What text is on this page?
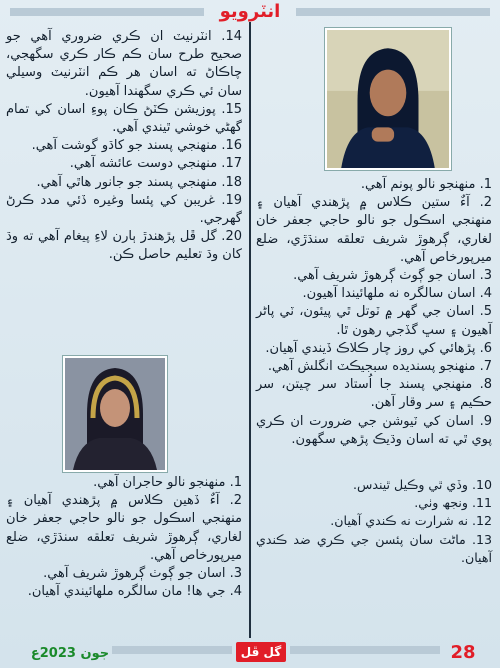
انٽرويو

14. انٽرنيٽ ان ڪري ضروري آهي جو صحيح طرح سان ڪم ڪار ڪري سگهجي، چاڪاڻ ته اسان هر ڪم انٽرنيٽ وسيلي سان ئي ڪري سگهندا آهيون.

15. پوزيشن ڪٽڻ ڪان پوءِ اسان کي تمام گهڻي خوشي ٿيندي آهي.

16. منهنجي پسند جو کاڌو گوشت آهي.

17. منهنجي دوست عائشه آهي.

18. منهنجي پسند جو جانور هاٿي آهي.

19. غريبن کي پئسا وغيره ڏئي مدد ڪرڻ گهرجي.

20. گل ڦل پڙهندڙ ٻارن لاءِ پيغام آهي ته وڌ کان وڌ تعليم حاصل ڪن.

1. منهنجو نالو پونم آهي.

2. آءٌ ستين ڪلاس ۾ پڙهندي آهيان ۽ منهنجي اسڪول جو نالو حاجي جعفر خان لغاري، ڳرهوڙ شريف تعلقه سنڌڙي، ضلع ميرپورخاص آهي.

3. اسان جو ڳوٺ ڳرهوڙ شريف آهي.

4. اسان سالگره نه ملهائيندا آهيون.

5. اسان جي گهر ۾ ٽوتل ٿي پيئون، ٽي پاڻر آهيون ۽ سڀ گڏجي رهون ٿا.

6. پڙهائي کي روز چار ڪلاڪ ڏيندي آهيان.

7. منهنجو پسنديده سبجيڪٽ انگلش آهي.

8. منهنجي پسند جا اُستاد سر چيتن، سر حڪيم ۽ سر وقار آهن.

9. اسان کي ٽيوشن جي ضرورت ان ڪري پوي ٿي ته اسان وڌيڪ پڙهي سگهون.

1. منهنجو نالو حاجران آهي.

2. آءٌ ڏهين ڪلاس ۾ پڙهندي آهيان ۽ منهنجي اسڪول جو نالو حاجي جعفر خان لغاري، ڳرهوڙ شريف تعلقه سنڌڙي، ضلع ميرپورخاص آهي.

3. اسان جو ڳوٺ ڳرهوڙ شريف آهي.

4. جي ها! مان سالگره ملهائيندي آهيان.

10. وڏي ٿي وڪيل ٿيندس.

11. ونجھ وٺي.

12. نه شرارت نه ڪندي آهيان.

13. ماڻٽ سان پئسن جي ڪري ضد ڪندي آهيان.

جون 2023ع	گل ڦل	28
